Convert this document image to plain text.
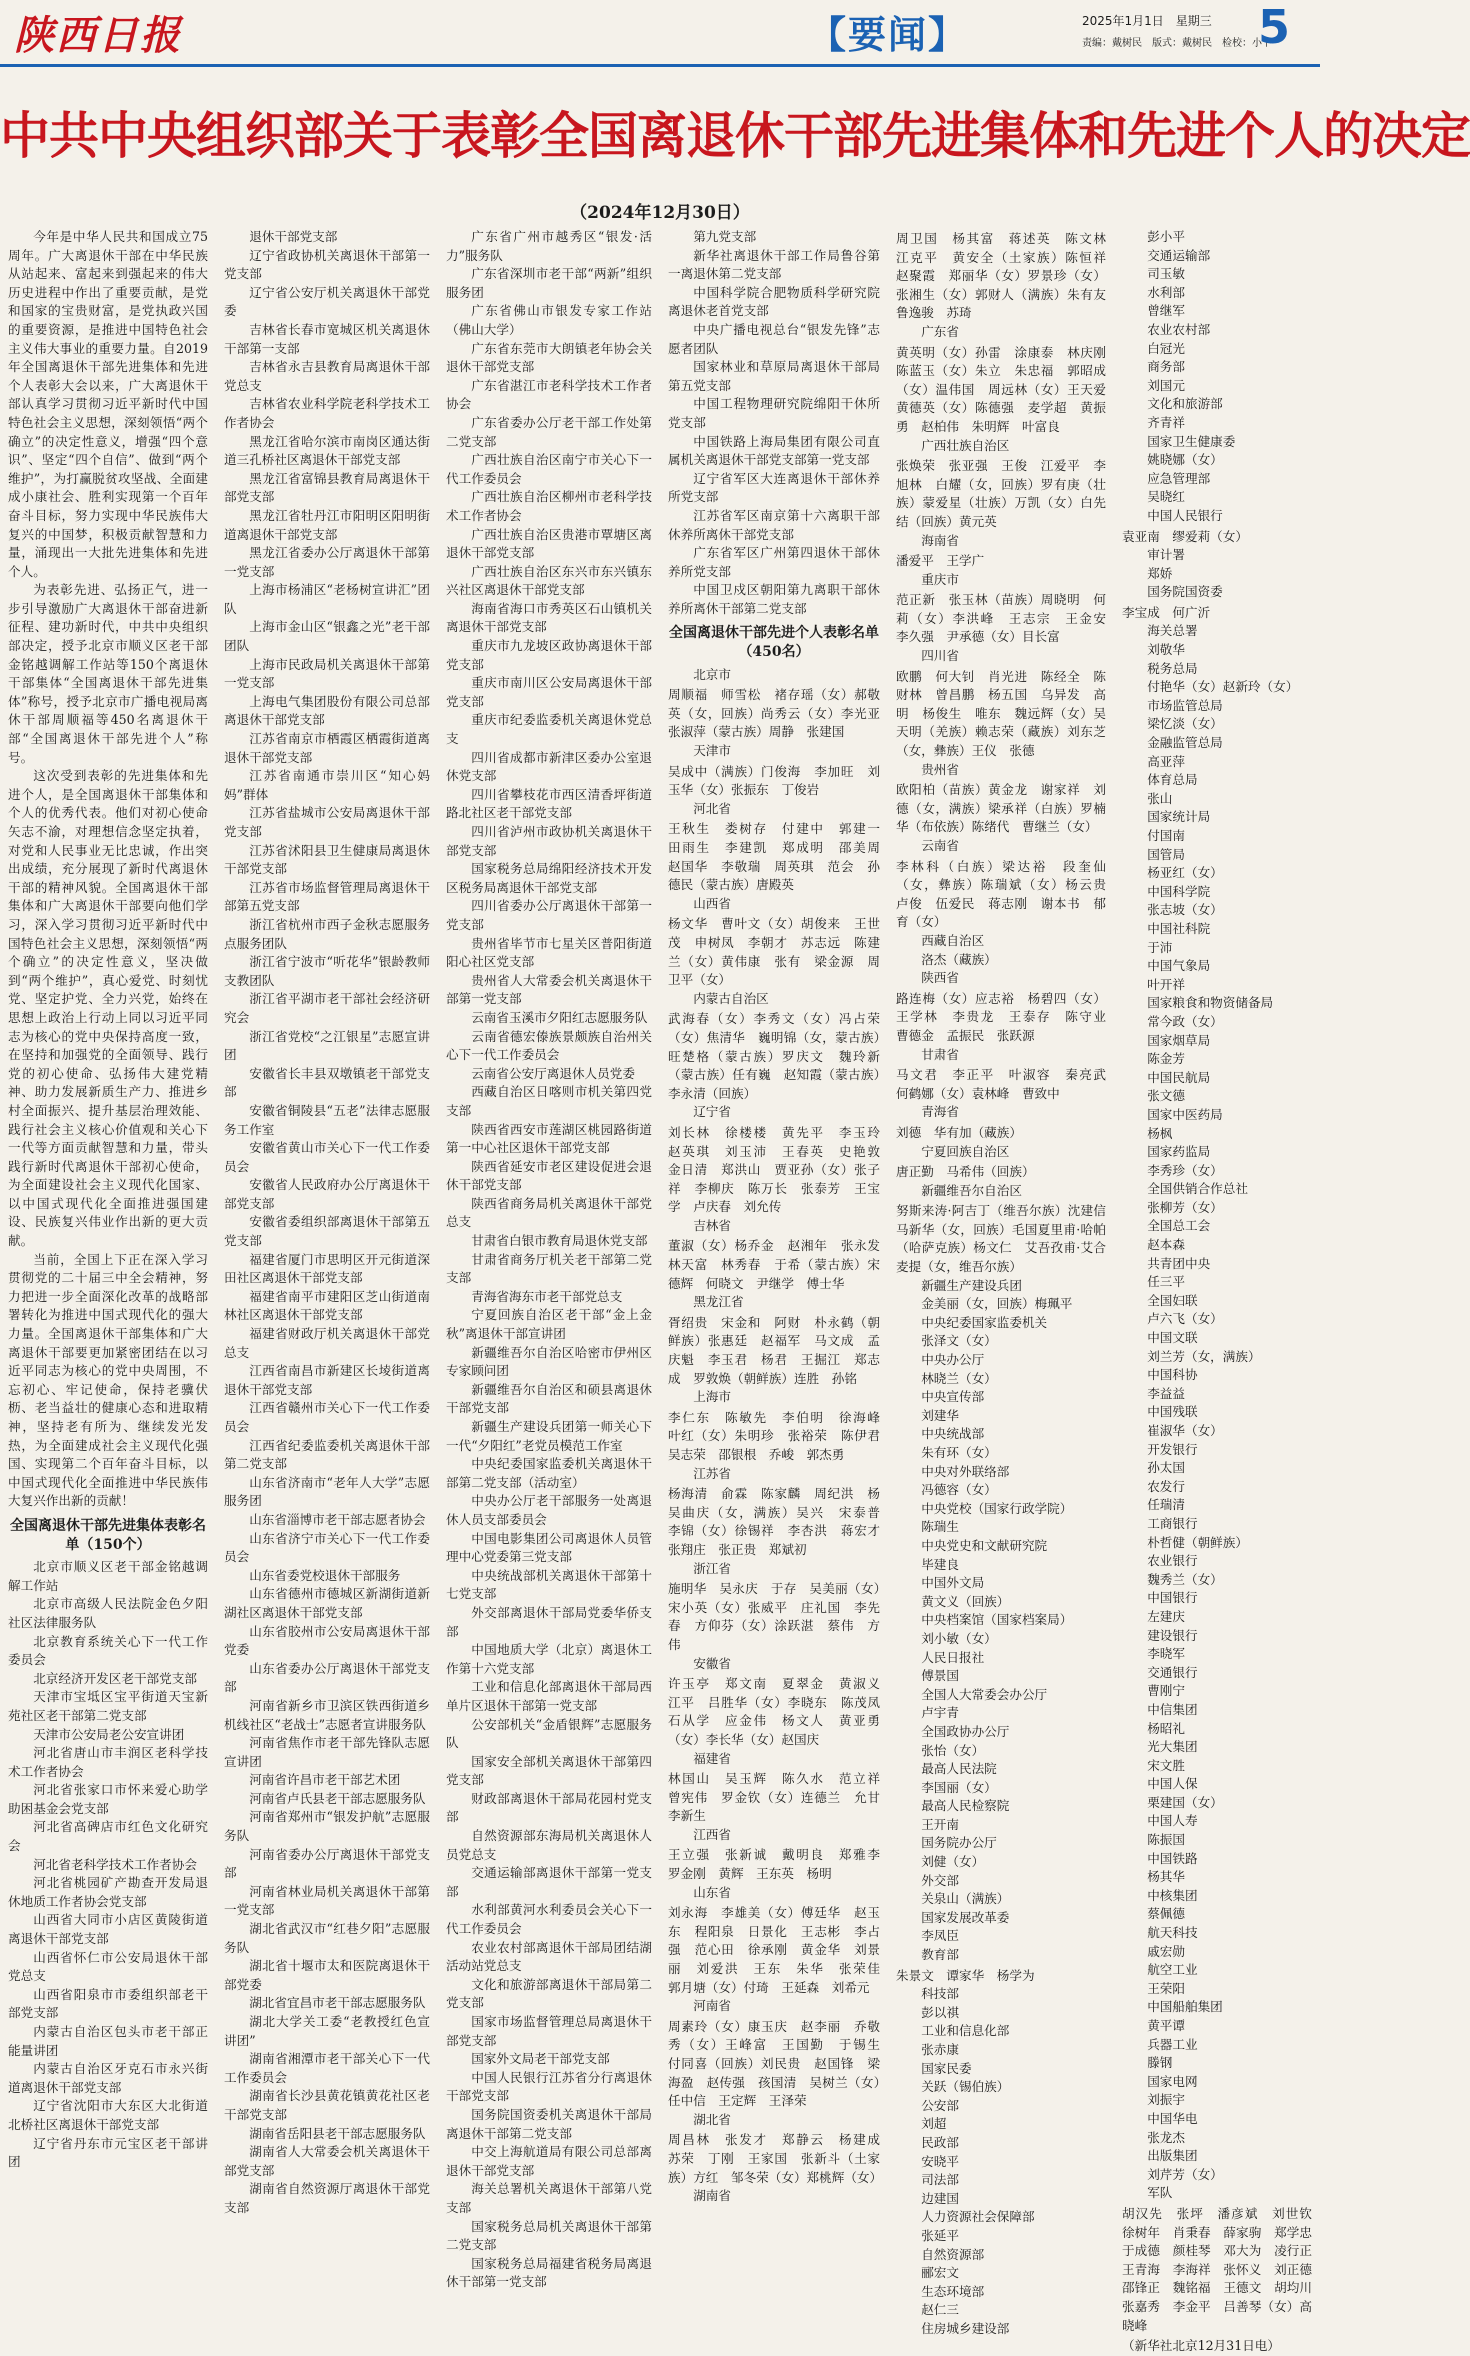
陕西日报	【要闻】	2025年1月1日　星期三
责编：戴树民　版式：戴树民　检校：小卜
5
中共中央组织部关于表彰全国离退休干部先进集体和先进个人的决定
（2024年12月30日）

今年是中华人民共和国成立75周年。广大离退休干部在中华民族从站起来、富起来到强起来的伟大历史进程中作出了重要贡献，是党和国家的宝贵财富，是党执政兴国的重要资源，是推进中国特色社会主义伟大事业的重要力量。自2019年全国离退休干部先进集体和先进个人表彰大会以来，广大离退休干部认真学习贯彻习近平新时代中国特色社会主义思想，深刻领悟“两个确立”的决定性意义，增强“四个意识”、坚定“四个自信”、做到“两个维护”，为打赢脱贫攻坚战、全面建成小康社会、胜利实现第一个百年奋斗目标，努力实现中华民族伟大复兴的中国梦，积极贡献智慧和力量，涌现出一大批先进集体和先进个人。

为表彰先进、弘扬正气，进一步引导激励广大离退休干部奋进新征程、建功新时代，中共中央组织部决定，授予北京市顺义区老干部金铭越调解工作站等150个离退休干部集体“全国离退休干部先进集体”称号，授予北京市广播电视局离休干部周顺福等450名离退休干部“全国离退休干部先进个人”称号。

这次受到表彰的先进集体和先进个人，是全国离退休干部集体和个人的优秀代表。他们对初心使命矢志不渝，对理想信念坚定执着，对党和人民事业无比忠诚，作出突出成绩，充分展现了新时代离退休干部的精神风貌。全国离退休干部集体和广大离退休干部要向他们学习，深入学习贯彻习近平新时代中国特色社会主义思想，深刻领悟“两个确立”的决定性意义，坚决做到“两个维护”，真心爱党、时刻忧党、坚定护党、全力兴党，始终在思想上政治上行动上同以习近平同志为核心的党中央保持高度一致，在坚持和加强党的全面领导、践行党的初心使命、弘扬伟大建党精神、助力发展新质生产力、推进乡村全面振兴、提升基层治理效能、践行社会主义核心价值观和关心下一代等方面贡献智慧和力量，带头践行新时代离退休干部初心使命，为全面建设社会主义现代化国家、以中国式现代化全面推进强国建设、民族复兴伟业作出新的更大贡献。

当前，全国上下正在深入学习贯彻党的二十届三中全会精神，努力把进一步全面深化改革的战略部署转化为推进中国式现代化的强大力量。全国离退休干部集体和广大离退休干部要更加紧密团结在以习近平同志为核心的党中央周围，不忘初心、牢记使命，保持老骥伏枥、老当益壮的健康心态和进取精神，坚持老有所为、继续发光发热，为全面建成社会主义现代化强国、实现第二个百年奋斗目标，以中国式现代化全面推进中华民族伟大复兴作出新的贡献！

全国离退休干部先进集体表彰名单（150个）

北京市顺义区老干部金铭越调解工作站

北京市高级人民法院金色夕阳社区法律服务队

北京教育系统关心下一代工作委员会

北京经济开发区老干部党支部

天津市宝坻区宝平街道天宝新苑社区老干部第二党支部

天津市公安局老公安宣讲团

河北省唐山市丰润区老科学技术工作者协会

河北省张家口市怀来爱心助学助困基金会党支部

河北省高碑店市红色文化研究会

河北省老科学技术工作者协会

河北省桃园矿产勘查开发局退休地质工作者协会党支部

山西省大同市小店区黄陵街道离退休干部党支部

山西省怀仁市公安局退休干部党总支

山西省阳泉市市委组织部老干部党支部

内蒙古自治区包头市老干部正能量讲团

内蒙古自治区牙克石市永兴街道离退休干部党支部

辽宁省沈阳市大东区大北街道北桥社区离退休干部党支部

辽宁省丹东市元宝区老干部讲团

退休干部党支部

辽宁省政协机关离退休干部第一党支部

辽宁省公安厅机关离退休干部党委

吉林省长春市宽城区机关离退休干部第一支部

吉林省永吉县教育局离退休干部党总支

吉林省农业科学院老科学技术工作者协会

黑龙江省哈尔滨市南岗区通达街道三孔桥社区离退休干部党支部

黑龙江省富锦县教育局离退休干部党支部

黑龙江省牡丹江市阳明区阳明街道离退休干部党支部

黑龙江省委办公厅离退休干部第一党支部

上海市杨浦区“老杨树宣讲汇”团队

上海市金山区“银鑫之光”老干部团队

上海市民政局机关离退休干部第一党支部

上海电气集团股份有限公司总部离退休干部党支部

江苏省南京市栖霞区栖霞街道离退休干部党支部

江苏省南通市崇川区“知心妈妈”群体

江苏省盐城市公安局离退休干部党支部

江苏省沭阳县卫生健康局离退休干部党支部

江苏省市场监督管理局离退休干部第五党支部

浙江省杭州市西子金秋志愿服务点服务团队

浙江省宁波市“听花华”银龄教师支教团队

浙江省平湖市老干部社会经济研究会

浙江省党校“之江银星”志愿宣讲团

安徽省长丰县双墩镇老干部党支部

安徽省铜陵县“五老”法律志愿服务工作室

安徽省黄山市关心下一代工作委员会

安徽省人民政府办公厅离退休干部党支部

安徽省委组织部离退休干部第五党支部

福建省厦门市思明区开元街道深田社区离退休干部党支部

福建省南平市建阳区芝山街道南林社区离退休干部党支部

福建省财政厅机关离退休干部党总支

江西省南昌市新建区长堎街道离退休干部党支部

江西省赣州市关心下一代工作委员会

江西省纪委监委机关离退休干部第二党支部

山东省济南市“老年人大学”志愿服务团

山东省淄博市老干部志愿者协会

山东省济宁市关心下一代工作委员会

山东省委党校退休干部服务

山东省德州市德城区新湖街道新湖社区离退休干部党支部

山东省胶州市公安局离退休干部党委

山东省委办公厅离退休干部党支部

河南省新乡市卫滨区铁西街道乡机线社区“老战士”志愿者宣讲服务队

河南省焦作市老干部先锋队志愿宣讲团

河南省许昌市老干部艺术团

河南省卢氏县老干部志愿服务队

河南省郑州市“银发护航”志愿服务队

河南省委办公厅离退休干部党支部

河南省林业局机关离退休干部第一党支部

湖北省武汉市“红巷夕阳”志愿服务队

湖北省十堰市太和医院离退休干部党委

湖北省宜昌市老干部志愿服务队

湖北大学关工委“老教授红色宣讲团”

湖南省湘潭市老干部关心下一代工作委员会

湖南省长沙县黄花镇黄花社区老干部党支部

湖南省岳阳县老干部志愿服务队

湖南省人大常委会机关离退休干部党支部

湖南省自然资源厅离退休干部党支部

广东省广州市越秀区“银发·活力”服务队

广东省深圳市老干部“两新”组织服务团

广东省佛山市银发专家工作站（佛山大学）

广东省东莞市大朗镇老年协会关退休干部党支部

广东省湛江市老科学技术工作者协会

广东省委办公厅老干部工作处第二党支部

广西壮族自治区南宁市关心下一代工作委员会

广西壮族自治区柳州市老科学技术工作者协会

广西壮族自治区贵港市覃塘区离退休干部党支部

广西壮族自治区东兴市东兴镇东兴社区离退休干部党支部

海南省海口市秀英区石山镇机关离退休干部党支部

重庆市九龙坡区政协离退休干部党支部

重庆市南川区公安局离退休干部党支部

重庆市纪委监委机关离退休党总支

四川省成都市新津区委办公室退休党支部

四川省攀枝花市西区清香坪街道路北社区老干部党支部

四川省泸州市政协机关离退休干部党支部

国家税务总局绵阳经济技术开发区税务局离退休干部党支部

四川省委办公厅离退休干部第一党支部

贵州省毕节市七星关区普阳街道阳心社区党支部

贵州省人大常委会机关离退休干部第一党支部

云南省玉溪市夕阳红志愿服务队

云南省德宏傣族景颇族自治州关心下一代工作委员会

云南省公安厅离退休人员党委

西藏自治区日喀则市机关第四党支部

陕西省西安市莲湖区桃园路街道第一中心社区退休干部党支部

陕西省延安市老区建设促进会退休干部党支部

陕西省商务局机关离退休干部党总支

甘肃省白银市教育局退休党支部

甘肃省商务厅机关老干部第二党支部

青海省海东市老干部党总支

宁夏回族自治区老干部“金上金秋”离退休干部宣讲团

新疆维吾尔自治区哈密市伊州区专家顾问团

新疆维吾尔自治区和硕县离退休干部党支部

新疆生产建设兵团第一师关心下一代“夕阳红”老党员模范工作室

中央纪委国家监委机关离退休干部第二党支部（活动室）

中央办公厅老干部服务一处离退休人员支部委员会

中国电影集团公司离退休人员管理中心党委第三党支部

中央统战部机关离退休干部第十七党支部

外交部离退休干部局党委华侨支部

中国地质大学（北京）离退休工作第十六党支部

工业和信息化部离退休干部局西单片区退休干部第一党支部

公安部机关“金盾银辉”志愿服务队

国家安全部机关离退休干部第四党支部

财政部离退休干部局花园村党支部

自然资源部东海局机关离退休人员党总支

交通运输部离退休干部第一党支部

水利部黄河水利委员会关心下一代工作委员会

农业农村部离退休干部局团结湖活动站党总支

文化和旅游部离退休干部局第二党支部

国家市场监督管理总局离退休干部党支部

国家外文局老干部党支部

中国人民银行江苏省分行离退休干部党支部

国务院国资委机关离退休干部局离退休干部第二党支部

中交上海航道局有限公司总部离退休干部党支部

海关总署机关离退休干部第八党支部

国家税务总局机关离退休干部第二党支部

国家税务总局福建省税务局离退休干部第一党支部

第九党支部

新华社离退休干部工作局鲁谷第一离退休第二党支部

中国科学院合肥物质科学研究院离退休老首党支部

中央广播电视总台“银发先锋”志愿者团队

国家林业和草原局离退休干部局第五党支部

中国工程物理研究院绵阳干休所党支部

中国铁路上海局集团有限公司直属机关离退休干部党支部第一党支部

辽宁省军区大连离退休干部休养所党支部

江苏省军区南京第十六离职干部休养所离休干部党支部

广东省军区广州第四退休干部休养所党支部

中国卫戍区朝阳第九离职干部休养所离休干部第二党支部

全国离退休干部先进个人表彰名单（450名）

北京市

周顺福　师雪松　褚存瑶（女）郝敬英（女，回族）尚秀云（女）李光亚　张淑萍（蒙古族）周静　张建国

天津市

吴成中（满族）门俊海　李加旺　刘玉华（女）张振东　丁俊岩

河北省

王秋生　娄树存　付建中　郭建一　田雨生　李建凯　郑成明　邵美周　赵国华　李敬瑞　周英琪　范会　孙德民（蒙古族）唐殿英

山西省

杨文华　曹叶文（女）胡俊来　王世茂　申树凤　李朝才　苏志远　陈建兰（女）黄伟康　张有　梁金源　周卫平（女）

内蒙古自治区

武海春（女）李秀文（女）冯占荣（女）焦清华　巍明锦（女，蒙古族）旺楚格（蒙古族）罗庆文　魏玲新（蒙古族）任有巍　赵知霞（蒙古族）李永清（回族）

辽宁省

刘长林　徐楼楼　黄先平　李玉玲　赵英琪　刘玉沛　王春英　史艳敦　金日清　郑洪山　贾亚孙（女）张子祥　李柳庆　陈万长　张泰芳　王宝学　卢庆春　刘允传

吉林省

董淑（女）杨乔金　赵湘年　张永发　林天富　林秀春　于希（蒙古族）宋德辉　何晓文　尹继学　傅士华

黑龙江省

胥绍贵　宋金和　阿财　朴永鹤（朝鲜族）张惠廷　赵福军　马文成　孟庆魁　李玉君　杨君　王掘江　郑志成　罗敦焕（朝鲜族）连胜　孙铭

上海市

李仁东　陈敏先　李伯明　徐海峰　叶红（女）朱明珍　张裕荣　陈伊君　吴志荣　邵银根　乔峻　郭杰勇

江苏省

杨海清　俞霖　陈家麟　周纪洪　杨吴曲庆（女，满族）吴兴　宋泰普　李锦（女）徐锡祥　李杏洪　蒋宏才　张翔庄　张正贵　郑斌初

浙江省

施明华　吴永庆　于存　吴美丽（女）宋小英（女）张威平　庄礼国　李先春　方仰芬（女）涂跃湛　蔡伟　方伟

安徽省

许玉亭　郑文南　夏翠金　黄淑义　江平　吕胜华（女）李晓东　陈茂凤　石从学　应金伟　杨文人　黄亚勇（女）李长华（女）赵国庆

福建省

林国山　吴玉辉　陈久水　范立祥　曾宪伟　罗金钦（女）连德兰　允甘　李新生

江西省

王立强　张新诚　戴明良　郑雅李　罗金刚　黄辉　王东英　杨明

山东省

刘永海　李雄美（女）傅廷华　赵玉东　程阳泉　日景化　王志彬　李占强　范心田　徐承刚　黄金华　刘景丽　刘爱洪　王东　朱华　张荣佳　郭月塘（女）付琦　王延森　刘希元

河南省

周素玲（女）康玉庆　赵李丽　乔敬秀（女）王峰富　王国勤　于锡生　付同喜（回族）刘民贵　赵国锋　梁海盈　赵传强　孩国清　吴树兰（女）任中信　王定辉　王泽荣

湖北省

周昌林　张发才　郑静云　杨建成　苏荣　丁刚　王家国　张新斗（土家族）方红　邹冬荣（女）郑桃辉（女）

湖南省

周卫国　杨其富　蒋述英　陈文林　江克平　黄安全（土家族）陈恒祥　赵聚霞　郑丽华（女）罗景珍（女）张湘生（女）郭财人（满族）朱有友　鲁逸骏　苏琦

广东省

黄英明（女）孙雷　涂康泰　林庆刚　陈蓝玉（女）朱立　朱忠福　郭昭成（女）温伟国　周远林（女）王天爱　黄德英（女）陈德强　麦学超　黄振勇　赵柏伟　朱明辉　叶富良

广西壮族自治区

张焕荣　张亚强　王俊　江爱平　李旭林　白耀（女，回族）罗有庚（壮族）蒙爱星（壮族）万凯（女）白先结（回族）黄元英

海南省

潘爱平　王学广

重庆市

范正新　张玉林（苗族）周晓明　何莉（女）李洪峰　王志宗　王金安　李久强　尹承德（女）目长富

四川省

欧鹏　何大钊　肖光进　陈经全　陈财林　曾昌鹏　杨五国　乌异发　高明　杨俊生　唯东　魏远辉（女）吴天明（羌族）赖志荣（藏族）刘东芝（女，彝族）王仪　张德

贵州省

欧阳柏（苗族）黄金龙　谢家祥　刘德（女，满族）梁承祥（白族）罗楠华（布依族）陈绪代　曹继兰（女）

云南省

李林科（白族）梁达裕　段奎仙（女，彝族）陈瑞斌（女）杨云贵　卢俊　伍爱民　蒋志刚　谢本书　郁育（女）

西藏自治区

洛杰（藏族）

陕西省

路连梅（女）应志裕　杨碧四（女）王学林　李贵龙　王泰存　陈守业　曹德金　孟振民　张跃源

甘肃省

马文君　李正平　叶淑容　秦亮武　何鹤娜（女）袁林峰　曹致中

青海省

刘德　华有加（藏族）

宁夏回族自治区

唐正勤　马希伟（回族）

新疆维吾尔自治区

努斯来涛·阿吉丁（维吾尔族）沈建信　马新华（女，回族）毛国夏里甫·哈帕（哈萨克族）杨文仁　艾吾孜甫·艾合麦提（女，维吾尔族）

新疆生产建设兵团

金美丽（女，回族）梅珮平

中央纪委国家监委机关

张泽文（女）

中央办公厅

林晓兰（女）

中央宣传部

刘建华

中央统战部

朱有环（女）

中央对外联络部

冯德容（女）

中央党校（国家行政学院）

陈瑞生

中央党史和文献研究院

毕建良

中国外文局

黄文义（回族）

中央档案馆（国家档案局）

刘小敏（女）

人民日报社

傅景国

全国人大常委会办公厅

卢宇青

全国政协办公厅

张怡（女）

最高人民法院

李国丽（女）

最高人民检察院

王开南

国务院办公厅

刘健（女）

外交部

关泉山（满族）

国家发展改革委

李凤臣

教育部

朱景文　谭家华　杨学为

科技部

彭以祺

工业和信息化部

张赤康

国家民委

关跃（锡伯族）

公安部

刘超

民政部

安晓平

司法部

边建国

人力资源社会保障部

张延平

自然资源部

郦宏文

生态环境部

赵仁三

住房城乡建设部

彭小平

交通运输部

司玉敏

水利部

曾继军

农业农村部

白冠光

商务部

刘国元

文化和旅游部

齐青祥

国家卫生健康委

姚晓娜（女）

应急管理部

吴晓红

中国人民银行

袁亚南　缪爱莉（女）

审计署

郑娇

国务院国资委

李宝成　何广沂

海关总署

刘敬华

税务总局

付艳华（女）赵新玲（女）

市场监管总局

梁忆淡（女）

金融监管总局

高亚萍

体育总局

张山

国家统计局

付国南

国管局

杨亚红（女）

中国科学院

张志坡（女）

中国社科院

于沛

中国气象局

叶开祥

国家粮食和物资储备局

常今政（女）

国家烟草局

陈金芳

中国民航局

张文德

国家中医药局

杨枫

国家药监局

李秀珍（女）

全国供销合作总社

张柳芳（女）

全国总工会

赵本森

共青团中央

任三平

全国妇联

卢六飞（女）

中国文联

刘兰芳（女，满族）

中国科协

李益益

中国残联

崔淑华（女）

开发银行

孙太国

农发行

任瑞清

工商银行

朴哲健（朝鲜族）

农业银行

魏秀兰（女）

中国银行

左建庆

建设银行

李晓军

交通银行

曹刚宁

中信集团

杨昭礼

光大集团

宋文胜

中国人保

栗建国（女）

中国人寿

陈振国

中国铁路

杨其华

中核集团

蔡佩德

航天科技

戚宏勋

航空工业

王荣阳

中国船舶集团

黄平谭

兵器工业

滕钢

国家电网

刘振宇

中国华电

张龙杰

出版集团

刘芹芳（女）

军队

胡汉先　张坪　潘彦斌　刘世钦　徐树年　肖秉春　薛家驹　郑学忠　于成德　颜桂琴　邓大为　凌行正　王青海　李海祥　张怀义　刘正德　邵锋正　魏铭福　王德文　胡均川　张嘉秀　李金平　吕善琴（女）高晓峰

（新华社北京12月31日电）
